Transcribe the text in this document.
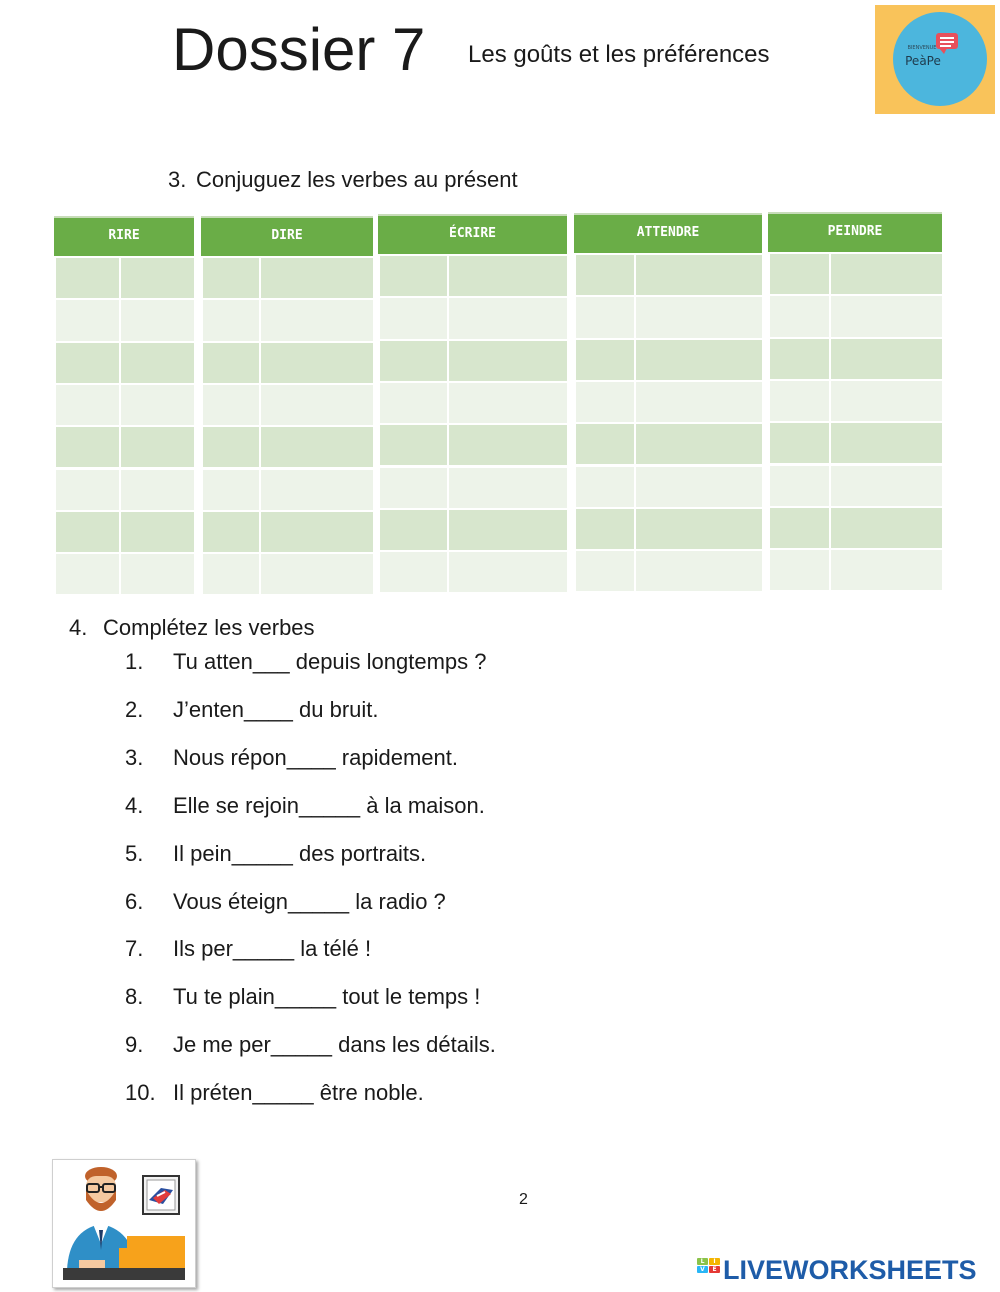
Dossier 7 Les goûts et les préférences	BIENVENUE
PeàPe
3. Conjuguez les verbes au présent
RIRE	DIRE	ÉCRIRE	ATTENDRE	PEINDRE
4. Complétez les verbes
1. Tu atten___ depuis longtemps ?
2. J’enten____ du bruit.
3. Nous répon____ rapidement.
4. Elle se rejoin_____ à la maison.
5. Il pein_____ des portraits.
6. Vous éteign_____ la radio ?
7. Ils per_____ la télé !
8. Tu te plain_____ tout le temps !
9. Je me per_____ dans les détails.
10. Il préten_____ être noble.
2
L	I
V	E LIVEWORKSHEETS
